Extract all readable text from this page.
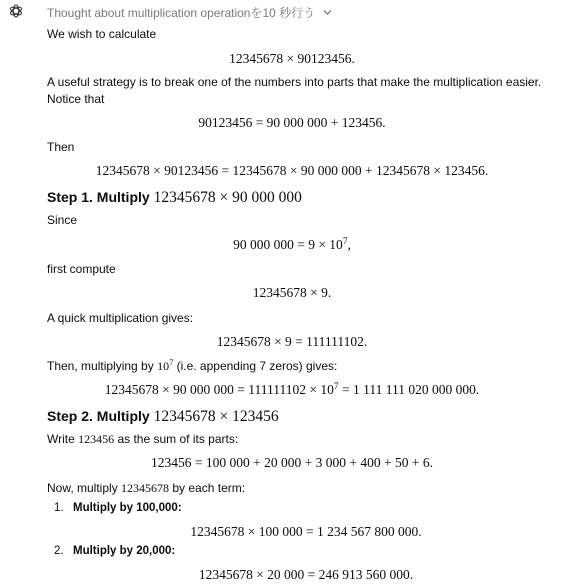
Thought about multiplication operationを10 秒行う
We wish to calculate
12345678 × 90123456.
A useful strategy is to break one of the numbers into parts that make the multiplication easier.
Notice that
90123456 = 90 000 000 + 123456.
Then
12345678 × 90123456 = 12345678 × 90 000 000 + 12345678 × 123456.
Step 1. Multiply 12345678 × 90 000 000
Since
90 000 $000 = 9 \times 10^7$,
first compute
12345678 × 9.
A quick multiplication gives:
12345678 × 9 = 111111102.
Then, multiplying by $10^7$ (i.e. appending 7 zeros) gives:
12345678 × 90 000 $000 = 111111102 \times 10^7 = 1$ 111 111 020 000 000.
Step 2. Multiply 12345678 × 123456
Write 123456 as the sum of its parts:
123456 = 100 000 + 20 000 + 3 000 + 400 + 50 + 6.
Now, multiply 12345678 by each term:
1. Multiply by 100,000:
12345678 × 100 000 = 1 234 567 800 000.
2. Multiply by 20,000:
12345678 × 20 000 = 246 913 560 000.
